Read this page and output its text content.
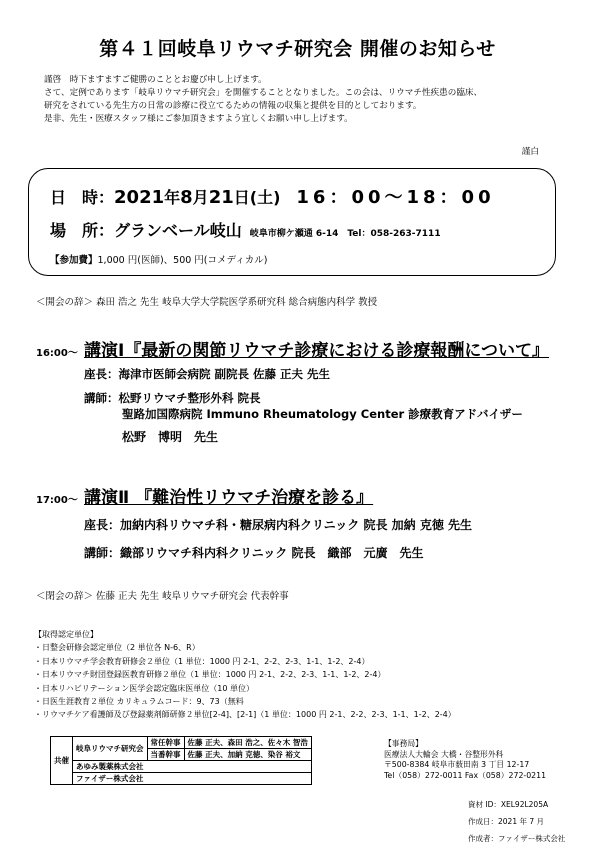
第４１回岐阜リウマチ研究会 開催のお知らせ
謹啓　時下ますますご健勝のこととお慶び申し上げます。
さて、定例であります「岐阜リウマチ研究会」を開催することとなりました。この会は、リウマチ性疾患の臨床、
研究をされている先生方の日常の診療に役立てるための情報の収集と提供を目的としております。
是非、先生・医療スタッフ様にご参加頂きますよう宜しくお願い申し上げます。
謹白
日　時：2021年8月21日(土) 16：00〜18：00
場　所：グランベール岐山 岐阜市柳ケ瀬通 6-14　Tel：058-263-7111
【参加費】1,000 円(医師)、500 円(コメディカル)
＜開会の辞＞ 森田 浩之 先生 岐阜大学大学院医学系研究科 総合病態内科学 教授
16:00〜 講演Ⅰ『最新の関節リウマチ診療における診療報酬について』
座長：海津市医師会病院 副院長 佐藤 正夫 先生
講師：松野リウマチ整形外科 院長
聖路加国際病院 Immuno Rheumatology Center 診療教育アドバイザー
松野　博明　先生
17:00〜 講演Ⅱ 『難治性リウマチ治療を診る』
座長：加納内科リウマチ科・糖尿病内科クリニック 院長 加納 克徳 先生
講師：織部リウマチ科内科クリニック 院長　織部　元廣　先生
＜閉会の辞＞ 佐藤 正夫 先生 岐阜リウマチ研究会 代表幹事
【取得認定単位】
・ 日整会研修会認定単位（2 単位各 N-6、R）
・ 日本リウマチ学会教育研修会２単位（1 単位：1000 円 2-1、2-2、2-3、1-1、1-2、2-4）
・ 日本リウマチ財団登録医教育研修２単位（1 単位：1000 円 2-1、2-2、2-3、1-1、1-2、2-4）
・ 日本リハビリテーション医学会認定臨床医単位（10 単位）
・ 日医生涯教育２単位 カリキュラムコード：9、73（無料
・ リウマチケア看護師及び登録薬剤師研修２単位[2-4]、[2-1]（1 単位：1000 円 2-1、2-2、2-3、1-1、1-2、2-4）
共催	岐阜リウマチ研究会	常任幹事	佐藤 正夫、森田 浩之、佐々木 智浩
		当番幹事	佐藤 正夫、加納 克徳、染谷 裕文
	あゆみ製薬株式会社		
	ファイザー株式会社		
【事務局】
医療法人大輪会 大橋・谷整形外科
〒500-8384 岐阜市薮田南 3 丁目 12-17
Tel（058）272-0011 Fax（058）272-0211
資材 ID：XEL92L205A
作成日：2021 年 7 月
作成者：ファイザー株式会社
